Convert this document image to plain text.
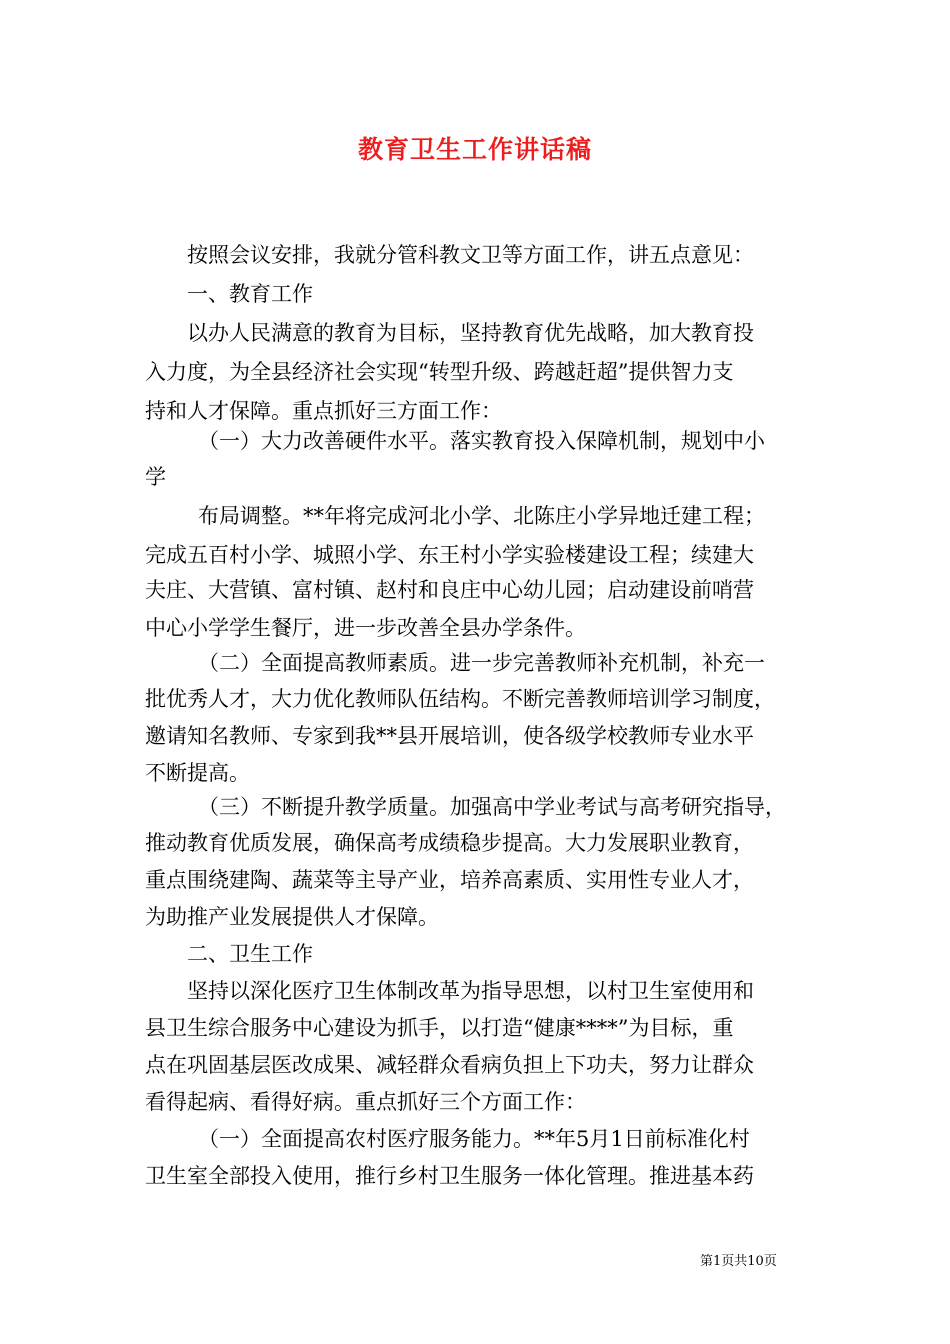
教育卫生工作讲话稿
按照会议安排，我就分管科教文卫等方面工作，讲五点意见：
一、教育工作
以办人民满意的教育为目标，坚持教育优先战略，加大教育投
入力度，为全县经济社会实现“转型升级、跨越赶超”提供智力支
持和人才保障。重点抓好三方面工作：
（一）大力改善硬件水平。落实教育投入保障机制，规划中小
学
布局调整。**年将完成河北小学、北陈庄小学异地迁建工程；
完成五百村小学、城照小学、东王村小学实验楼建设工程；续建大
夫庄、大营镇、富村镇、赵村和良庄中心幼儿园；启动建设前哨营
中心小学学生餐厅，进一步改善全县办学条件。
（二）全面提高教师素质。进一步完善教师补充机制，补充一
批优秀人才，大力优化教师队伍结构。不断完善教师培训学习制度，
邀请知名教师、专家到我**县开展培训，使各级学校教师专业水平
不断提高。
（三）不断提升教学质量。加强高中学业考试与高考研究指导，
推动教育优质发展，确保高考成绩稳步提高。大力发展职业教育，
重点围绕建陶、蔬菜等主导产业，培养高素质、实用性专业人才，
为助推产业发展提供人才保障。
二、卫生工作
坚持以深化医疗卫生体制改革为指导思想，以村卫生室使用和
县卫生综合服务中心建设为抓手，以打造“健康****”为目标，重
点在巩固基层医改成果、减轻群众看病负担上下功夫，努力让群众
看得起病、看得好病。重点抓好三个方面工作：
（一）全面提高农村医疗服务能力。**年5月1日前标准化村
卫生室全部投入使用，推行乡村卫生服务一体化管理。推进基本药
第1页共10页
